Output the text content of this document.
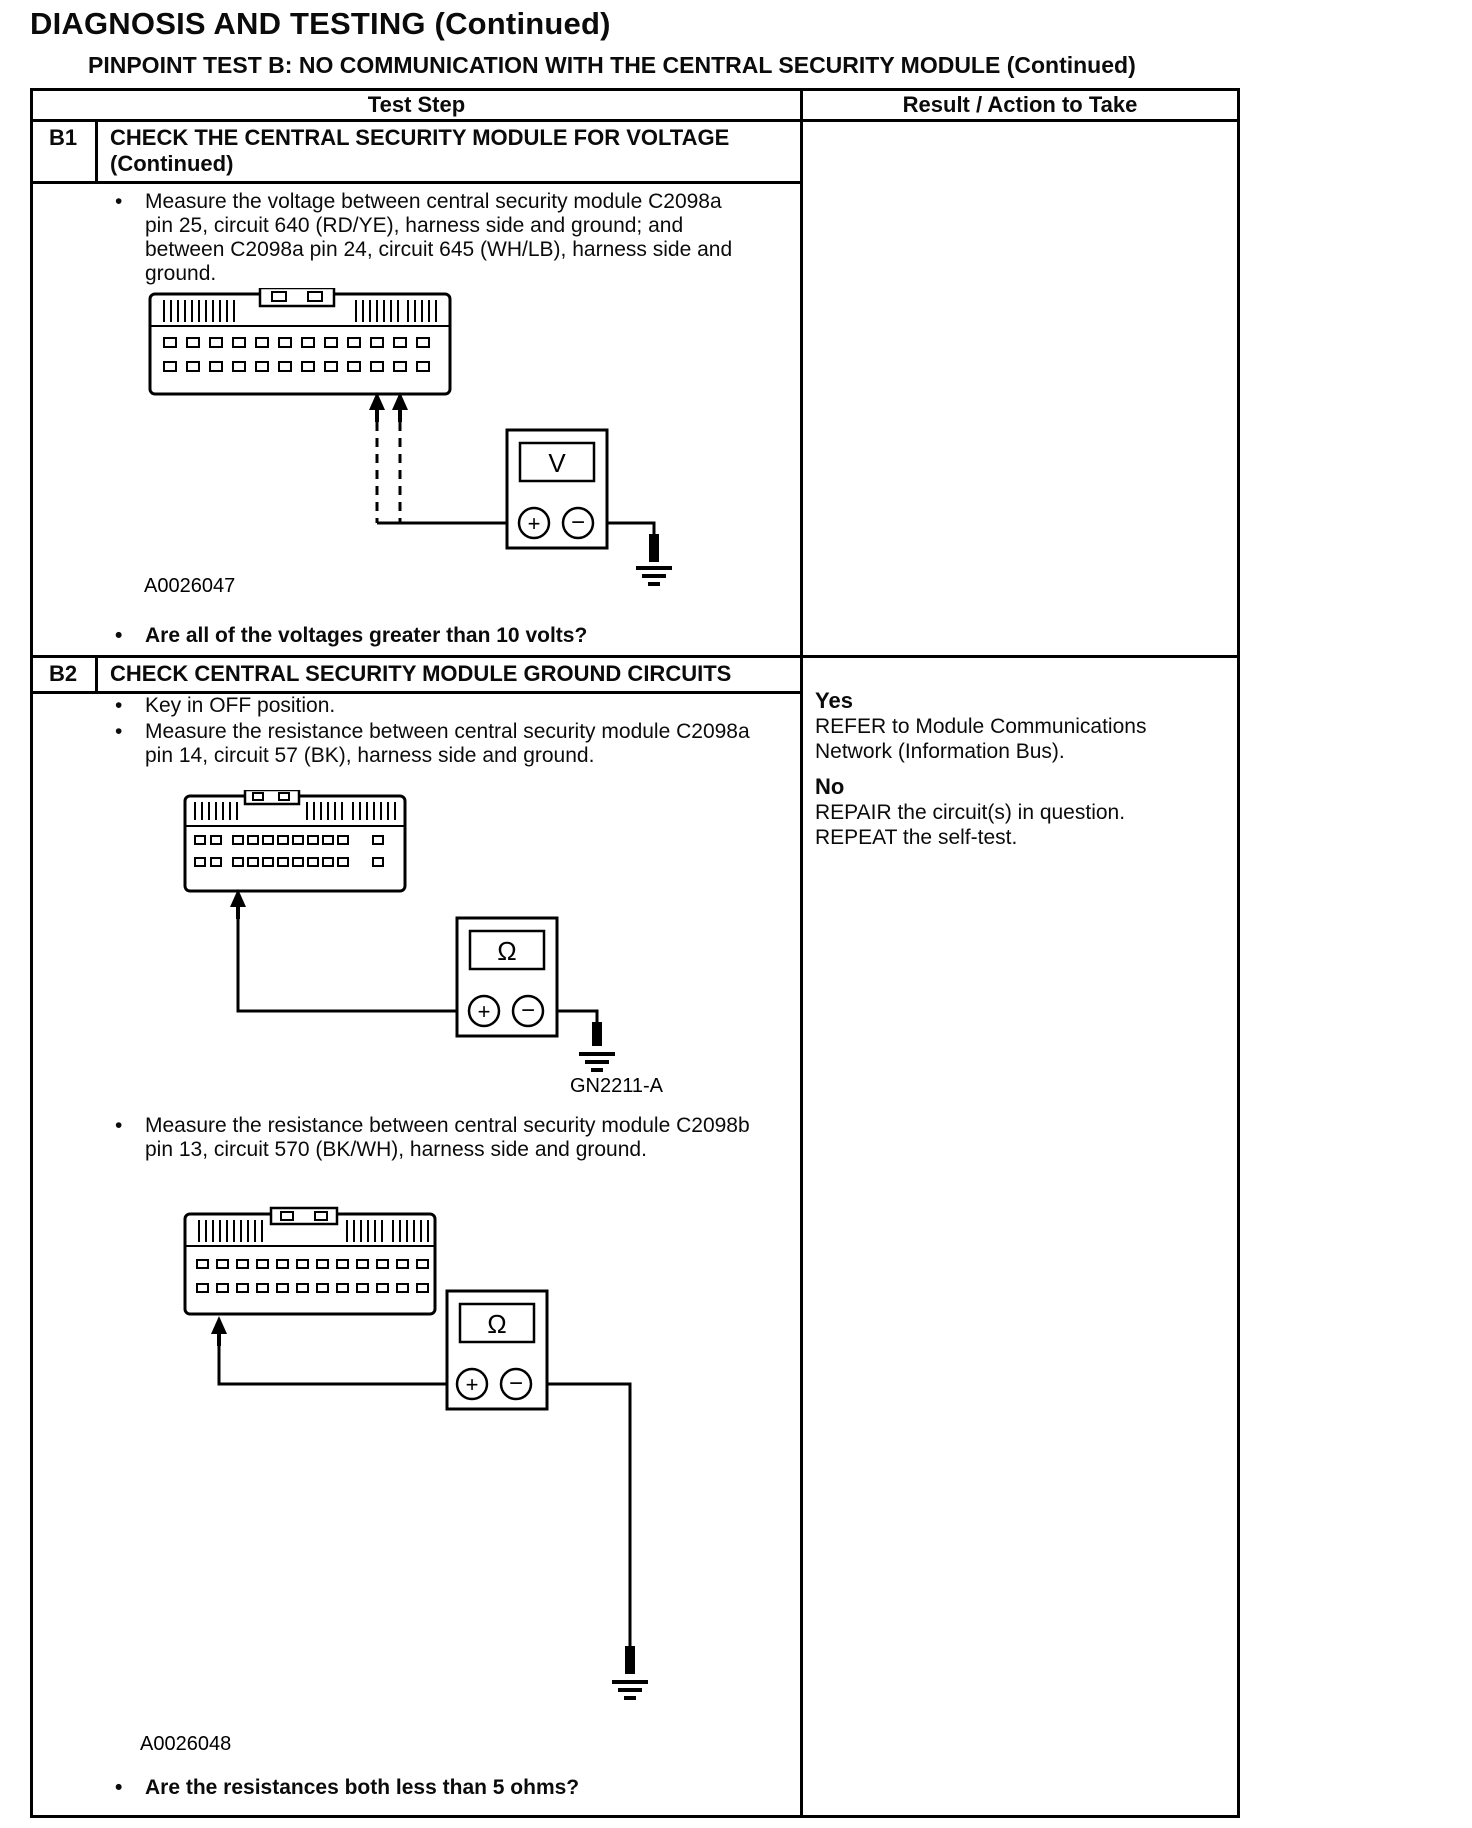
DIAGNOSIS AND TESTING (Continued)
PINPOINT TEST B: NO COMMUNICATION WITH THE CENTRAL SECURITY MODULE (Continued)
Test Step	Result / Action to Take
B1	CHECK THE CENTRAL SECURITY MODULE FOR VOLTAGE (Continued)
• Measure the voltage between central security module C2098a pin 25, circuit 640 (RD/YE), harness side and ground; and between C2098a pin 24, circuit 645 (WH/LB), harness side and ground.
V
+ −
A0026047
• Are all of the voltages greater than 10 volts?
B2	CHECK CENTRAL SECURITY MODULE GROUND CIRCUITS
• Key in OFF position.
• Measure the resistance between central security module C2098a pin 14, circuit 57 (BK), harness side and ground.
Ω
+ −
GN2211-A
• Measure the resistance between central security module C2098b pin 13, circuit 570 (BK/WH), harness side and ground.
Ω
+ −
A0026048
• Are the resistances both less than 5 ohms?
Yes
REFER to Module Communications Network (Information Bus).
No
REPAIR the circuit(s) in question.
REPEAT the self-test.
